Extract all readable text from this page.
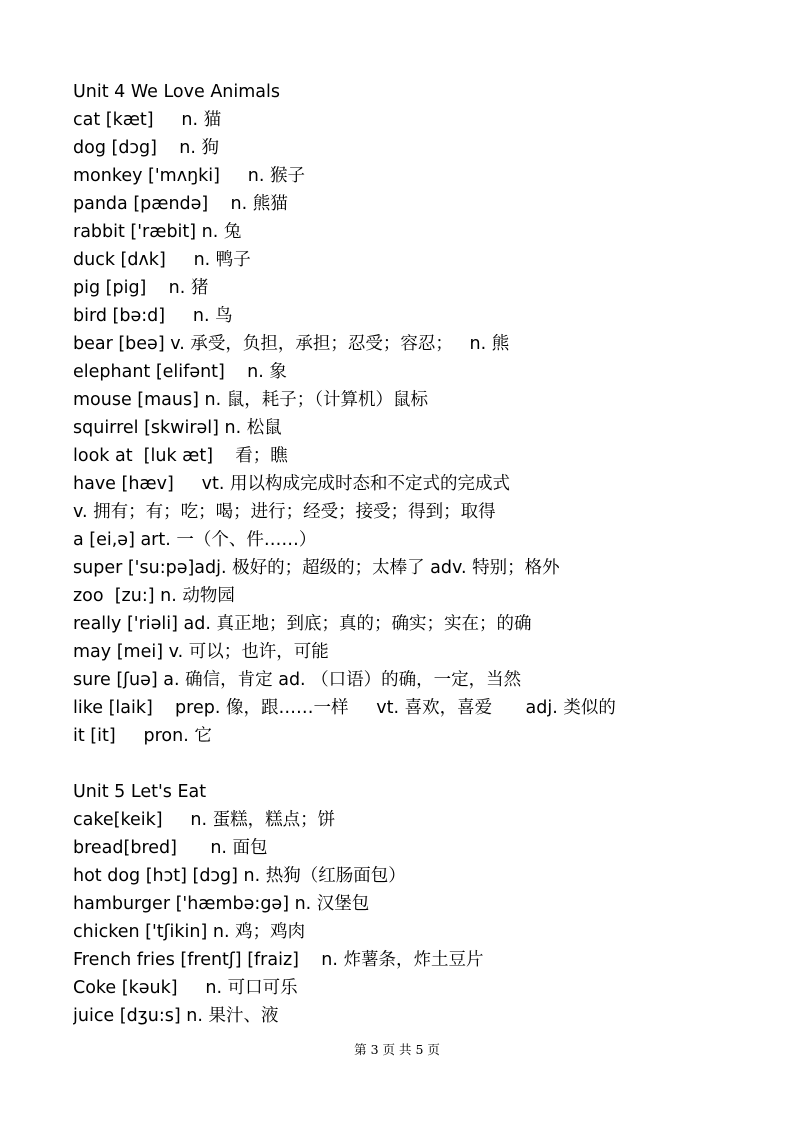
Unit 4 We Love Animals
cat [kæt]     n. 猫
dog [dɔg]    n. 狗
monkey ['mʌŋki]     n. 猴子
panda [pændə]    n. 熊猫
rabbit ['ræbit] n. 兔
duck [dʌk]     n. 鸭子
pig [pig]    n. 猪
bird [bə:d]     n. 鸟
bear [beə] v. 承受，负担，承担；忍受；容忍；   n. 熊
elephant [elifənt]    n. 象
mouse [maus] n. 鼠，耗子；（计算机）鼠标
squirrel [skwirəl] n. 松鼠
look at  [luk æt]    看；瞧
have [hæv]     vt. 用以构成完成时态和不定式的完成式
v. 拥有；有；吃；喝；进行；经受；接受；得到；取得
a [ei,ə] art. 一（个、件……）
super ['su:pə]adj. 极好的；超级的；太棒了 adv. 特别；格外
zoo  [zu:] n. 动物园
really ['riəli] ad. 真正地；到底；真的；确实；实在；的确
may [mei] v. 可以；也许，可能
sure [ʃuə] a. 确信，肯定 ad. （口语）的确，一定，当然
like [laik]    prep. 像，跟……一样     vt. 喜欢，喜爱      adj. 类似的
it [it]     pron. 它
Unit 5 Let's Eat
cake[keik]     n. 蛋糕，糕点；饼
bread[bred]      n. 面包
hot dog [hɔt] [dɔg] n. 热狗（红肠面包）
hamburger ['hæmbə:gə] n. 汉堡包
chicken ['tʃikin] n. 鸡；鸡肉
French fries [frentʃ] [fraiz]    n. 炸薯条，炸土豆片
Coke [kəuk]     n. 可口可乐
juice [dʒu:s] n. 果汁、液
第 3 页 共 5 页
